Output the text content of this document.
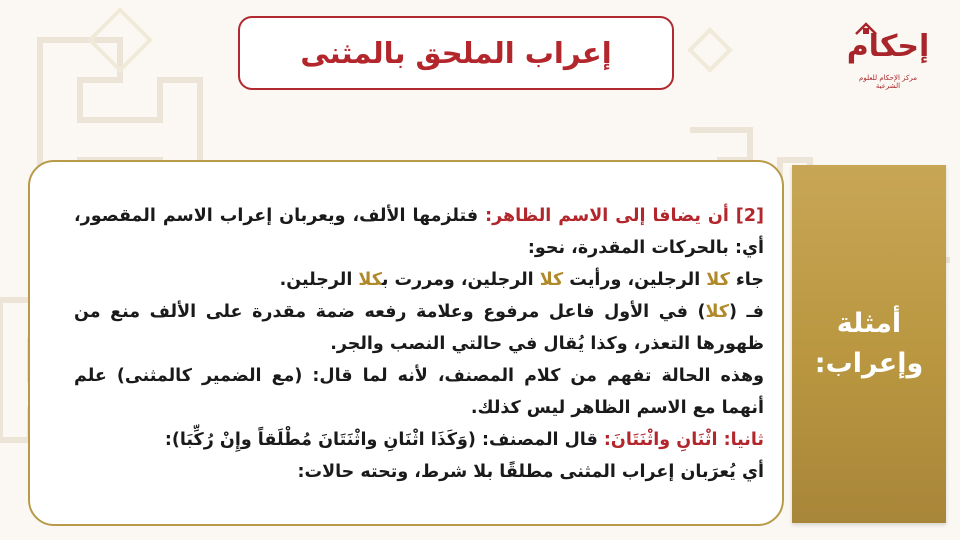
إعراب الملحق بالمثنى	إحكام
مركز الإحكام للعلوم الشرعية

[2] أن يضافا إلى الاسم الظاهر: فتلزمها الألف، ويعربان إعراب الاسم المقصور، أي: بالحركات المقدرة، نحو:

جاء كلا الرجلين، ورأيت كلا الرجلين، ومررت بكلا الرجلين.

فـ (كلا) في الأول فاعل مرفوع وعلامة رفعه ضمة مقدرة على الألف منع من ظهورها التعذر، وكذا يُقال في حالتي النصب والجر.

وهذه الحالة تفهم من كلام المصنف، لأنه لما قال: (مع الضمير كالمثنى) علم أنهما مع الاسم الظاهر ليس كذلك.

ثانيا: اثْنَانِ واثْنَتَانَ: قال المصنف: (وَكَذَا اثْنَانِ واثْنَتَانَ مُطْلَقاً وإِنْ رُكِّبَا):

أي يُعرَبان إعراب المثنى مطلقًا بلا شرط، وتحته حالات:

أمثلة
وإعراب:
